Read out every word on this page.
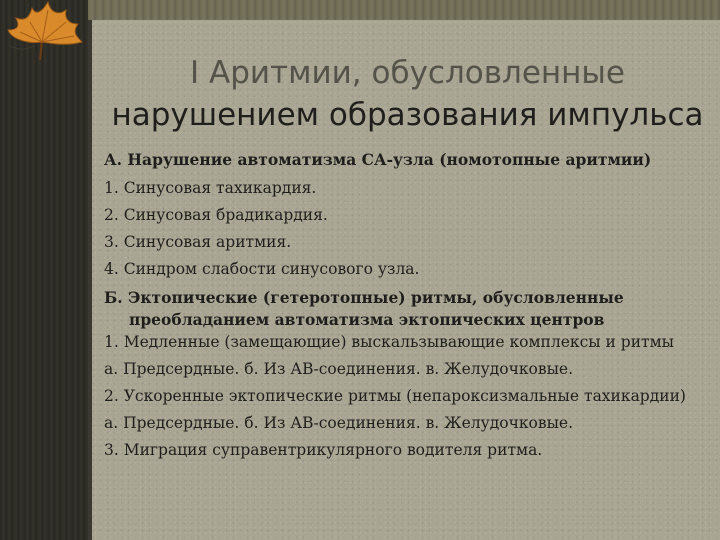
I Аритмии, обусловленные
нарушением образования импульса
А. Нарушение автоматизма СА-узла (номотопные аритмии)
1. Синусовая тахикардия.
2. Синусовая брадикардия.
3. Синусовая аритмия.
4. Синдром слабости синусового узла.
Б. Эктопические (гетеротопные) ритмы, обусловленные
преобладанием автоматизма эктопических центров
1. Медленные (замещающие) выскальзывающие комплексы и ритмы
а. Предсердные. б. Из АВ-соединения. в. Желудочковые.
2. Ускоренные эктопические ритмы (непароксизмальные тахикардии)
а. Предсердные. б. Из АВ-соединения. в. Желудочковые.
3. Миграция суправентрикулярного водителя ритма.
